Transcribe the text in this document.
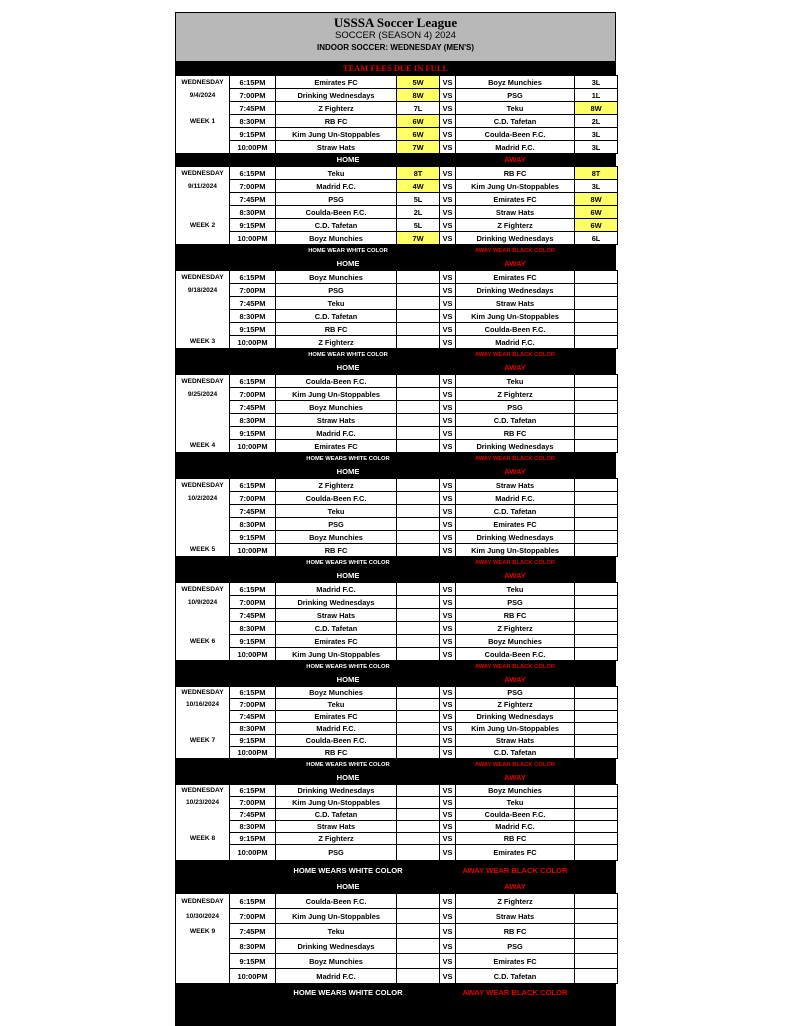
USSSA Soccer League
SOCCER (SEASON 4) 2024
INDOOR SOCCER: WEDNESDAY (MEN'S)
TEAM FEES DUE IN FULL
WEDNESDAY	6:15PM	Emirates FC	5W	VS	Boyz Munchies	3L
9/4/2024	7:00PM	Drinking Wednesdays	8W	VS	PSG	1L
	7:45PM	Z Fighterz	7L	VS	Teku	8W
WEEK 1	8:30PM	RB FC	6W	VS	C.D. Tafetan	2L
	9:15PM	Kim Jung Un-Stoppables	6W	VS	Coulda-Been F.C.	3L
	10:00PM	Straw Hats	7W	VS	Madrid F.C.	3L
HOME	AWAY
WEDNESDAY	6:15PM	Teku	8T	VS	RB FC	8T
9/11/2024	7:00PM	Madrid F.C.	4W	VS	Kim Jung Un-Stoppables	3L
	7:45PM	PSG	5L	VS	Emirates FC	8W
	8:30PM	Coulda-Been F.C.	2L	VS	Straw Hats	6W
WEEK 2	9:15PM	C.D. Tafetan	5L	VS	Z Fighterz	6W
	10:00PM	Boyz Munchies	7W	VS	Drinking Wednesdays	6L
HOME WEAR WHITE COLOR	AWAY WEAR BLACK COLOR
HOME	AWAY
WEDNESDAY	6:15PM	Boyz Munchies		VS	Emirates FC	
9/18/2024	7:00PM	PSG		VS	Drinking Wednesdays	
	7:45PM	Teku		VS	Straw Hats	
	8:30PM	C.D. Tafetan		VS	Kim Jung Un-Stoppables	
	9:15PM	RB FC		VS	Coulda-Been F.C.	
WEEK 3	10:00PM	Z Fighterz		VS	Madrid F.C.	
HOME WEAR WHITE COLOR	AWAY WEAR BLACK COLOR
HOME	AWAY
WEDNESDAY	6:15PM	Coulda-Been F.C.		VS	Teku	
9/25/2024	7:00PM	Kim Jung Un-Stoppables		VS	Z Fighterz	
	7:45PM	Boyz Munchies		VS	PSG	
	8:30PM	Straw Hats		VS	C.D. Tafetan	
	9:15PM	Madrid F.C.		VS	RB FC	
WEEK 4	10:00PM	Emirates FC		VS	Drinking Wednesdays	
HOME WEARS WHITE COLOR	AWAY WEAR BLACK COLOR
HOME	AWAY
WEDNESDAY	6:15PM	Z Fighterz		VS	Straw Hats	
10/2/2024	7:00PM	Coulda-Been F.C.		VS	Madrid F.C.	
	7:45PM	Teku		VS	C.D. Tafetan	
	8:30PM	PSG		VS	Emirates FC	
	9:15PM	Boyz Munchies		VS	Drinking Wednesdays	
WEEK 5	10:00PM	RB FC		VS	Kim Jung Un-Stoppables	
HOME WEARS WHITE COLOR	AWAY WEAR BLACK COLOR
HOME	AWAY
WEDNESDAY	6:15PM	Madrid F.C.		VS	Teku	
10/9/2024	7:00PM	Drinking Wednesdays		VS	PSG	
	7:45PM	Straw Hats		VS	RB FC	
	8:30PM	C.D. Tafetan		VS	Z Fighterz	
WEEK 6	9:15PM	Emirates FC		VS	Boyz Munchies	
	10:00PM	Kim Jung Un-Stoppables		VS	Coulda-Been F.C.	
HOME WEARS WHITE COLOR	AWAY WEAR BLACK COLOR
HOME	AWAY
WEDNESDAY	6:15PM	Boyz Munchies		VS	PSG	
10/16/2024	7:00PM	Teku		VS	Z Fighterz	
	7:45PM	Emirates FC		VS	Drinking Wednesdays	
	8:30PM	Madrid F.C.		VS	Kim Jung Un-Stoppables	
WEEK 7	9:15PM	Coulda-Been F.C.		VS	Straw Hats	
	10:00PM	RB FC		VS	C.D. Tafetan	
HOME WEARS WHITE COLOR	AWAY WEAR BLACK COLOR
HOME	AWAY
WEDNESDAY	6:15PM	Drinking Wednesdays		VS	Boyz Munchies	
10/23/2024	7:00PM	Kim Jung Un-Stoppables		VS	Teku	
	7:45PM	C.D. Tafetan		VS	Coulda-Been F.C.	
	8:30PM	Straw Hats		VS	Madrid F.C.	
WEEK 8	9:15PM	Z Fighterz		VS	RB FC	
	10:00PM	PSG		VS	Emirates FC	
HOME WEARS WHITE COLOR	AWAY WEAR BLACK COLOR
HOME	AWAY
WEDNESDAY	6:15PM	Coulda-Been F.C.		VS	Z Fighterz	
10/30/2024	7:00PM	Kim Jung Un-Stoppables		VS	Straw Hats	
WEEK 9	7:45PM	Teku		VS	RB FC	
	8:30PM	Drinking Wednesdays		VS	PSG	
	9:15PM	Boyz Munchies		VS	Emirates FC	
	10:00PM	Madrid F.C.		VS	C.D. Tafetan	
HOME WEARS WHITE COLOR	AWAY WEAR BLACK COLOR
